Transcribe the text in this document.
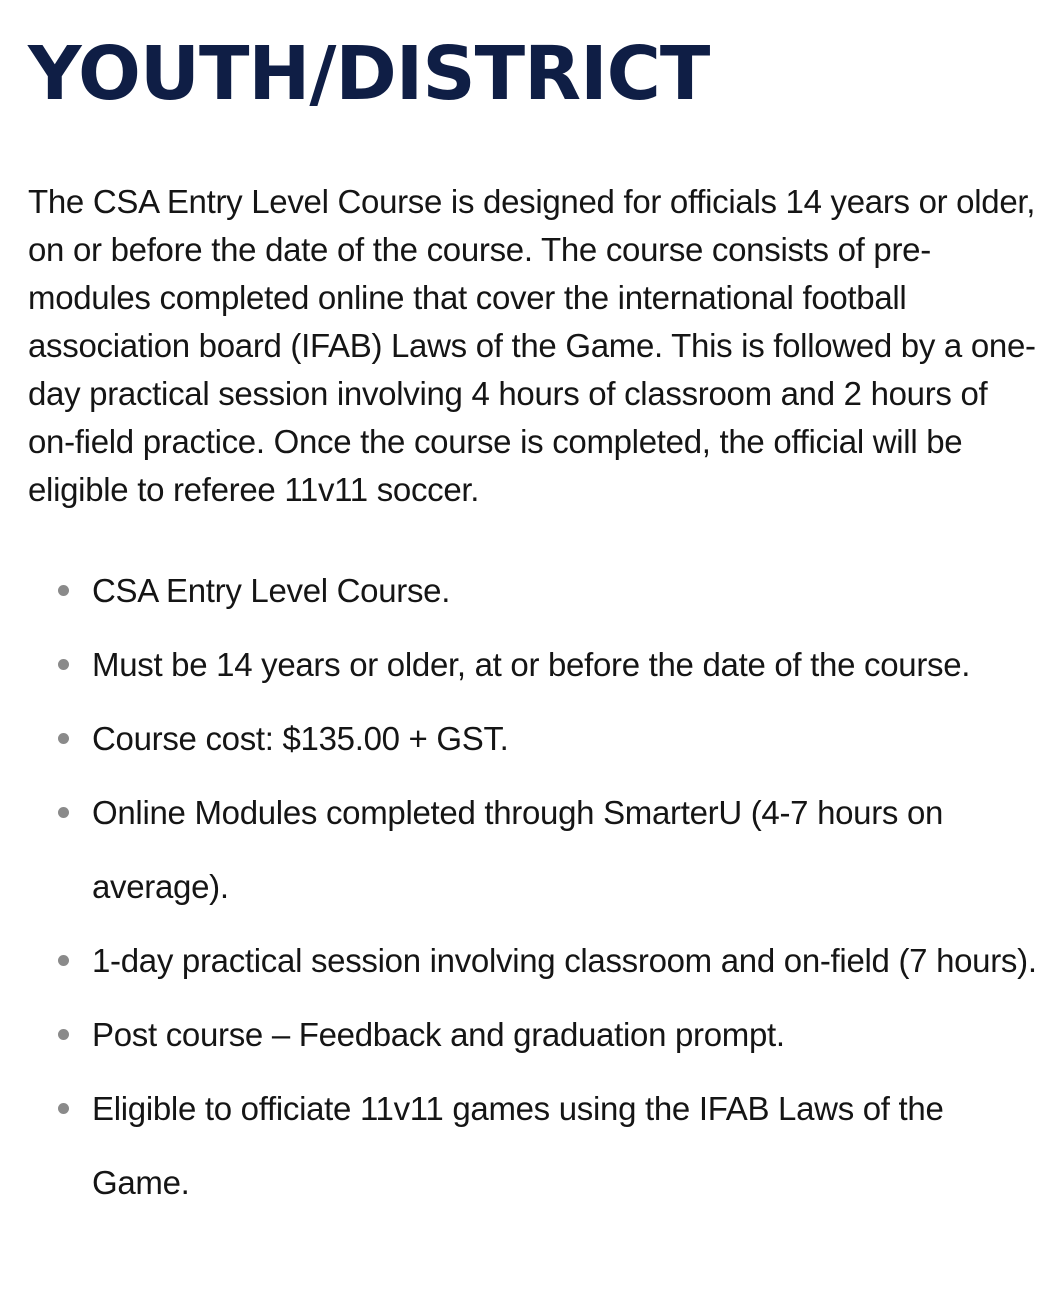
YOUTH/DISTRICT

The CSA Entry Level Course is designed for officials 14 years or older, on or before the date of the course. The course consists of pre-modules completed online that cover the international football association board (IFAB) Laws of the Game. This is followed by a one-day practical session involving 4 hours of classroom and 2 hours of on-field practice. Once the course is completed, the official will be eligible to referee 11v11 soccer.

CSA Entry Level Course.
Must be 14 years or older, at or before the date of the course.
Course cost: $135.00 + GST.
Online Modules completed through SmarterU (4-7 hours on average).
1-day practical session involving classroom and on-field (7 hours).
Post course – Feedback and graduation prompt.
Eligible to officiate 11v11 games using the IFAB Laws of the Game.
